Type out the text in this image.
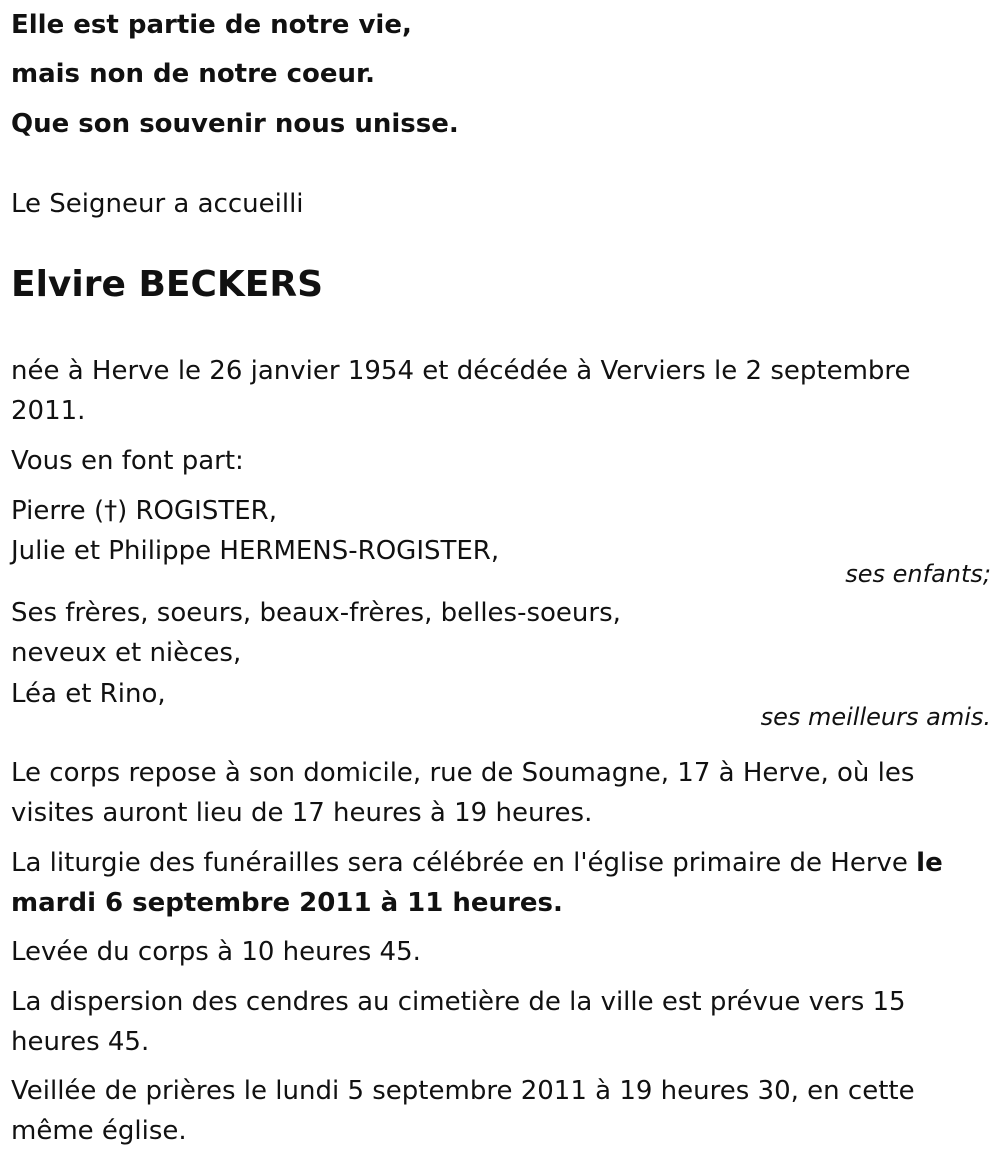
Elle est partie de notre vie,
mais non de notre coeur.
Que son souvenir nous unisse.
Le Seigneur a accueilli
Elvire BECKERS
née à Herve le 26 janvier 1954 et décédée à Verviers le 2 septembre
2011.
Vous en font part:
Pierre (†) ROGISTER,
Julie et Philippe HERMENS-ROGISTER,
ses enfants;
Ses frères, soeurs, beaux-frères, belles-soeurs,
neveux et nièces,
Léa et Rino,
ses meilleurs amis.
Le corps repose à son domicile, rue de Soumagne, 17 à Herve, où les
visites auront lieu de 17 heures à 19 heures.
La liturgie des funérailles sera célébrée en l'église primaire de Herve le
mardi 6 septembre 2011 à 11 heures.
Levée du corps à 10 heures 45.
La dispersion des cendres au cimetière de la ville est prévue vers 15
heures 45.
Veillée de prières le lundi 5 septembre 2011 à 19 heures 30, en cette
même église.
